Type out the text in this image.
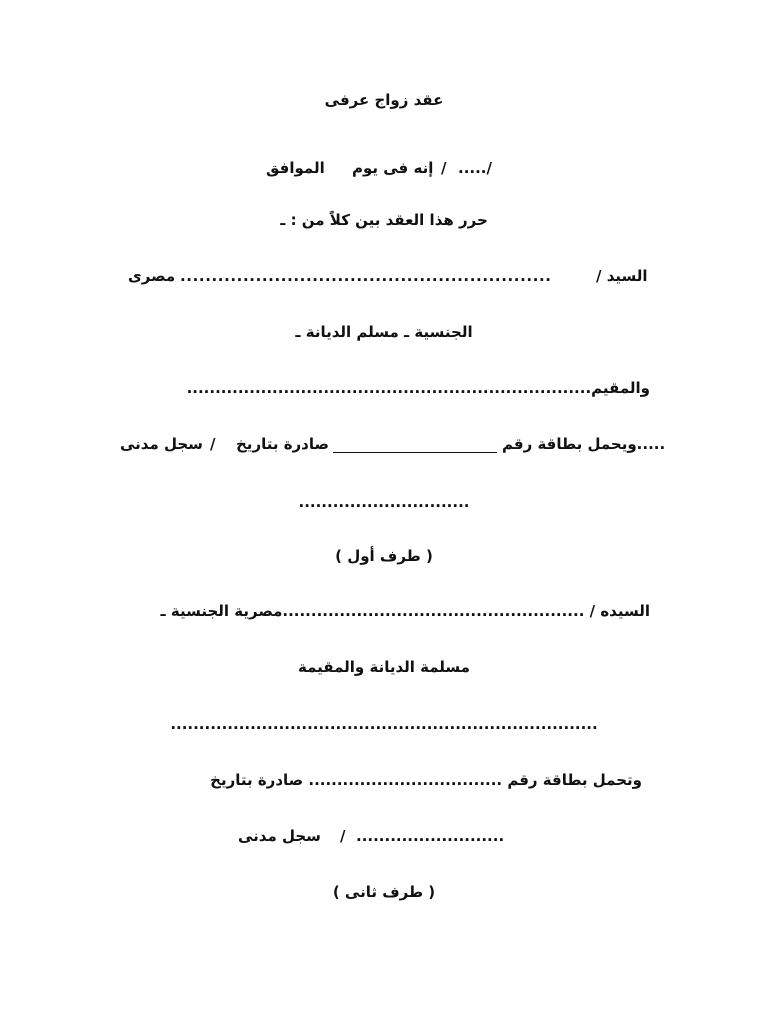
عقد زواج عرفى
الموافق إنه فى يوم / ...../
حرر هذا العقد بين كلاً من : ـ
السيد /
...........................................................
مصرى
الجنسية ـ مسلم الديانة ـ
والمقيم.......................................................................
.....ويحمل بطاقة رقم
صادرة بتاريخ
/
سجل مدنى
..............................
( طرف أول )
السيده / .....................................................مصرية الجنسية ـ
مسلمة الديانة والمقيمة
...........................................................................
وتحمل بطاقة رقم .................................. صادرة بتاريخ
سجل مدنى / ..........................
( طرف ثانى )
